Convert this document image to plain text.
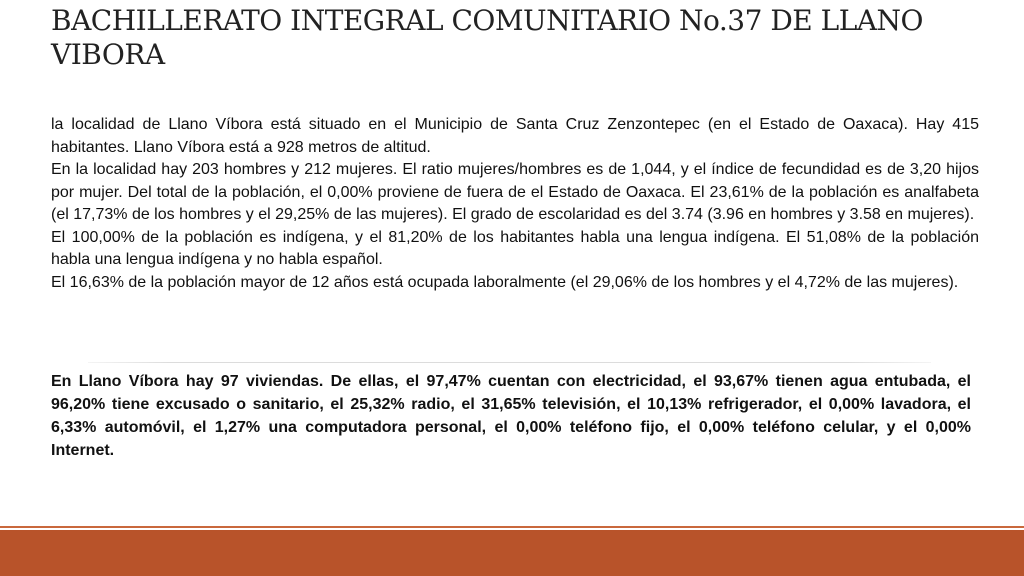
BACHILLERATO INTEGRAL COMUNITARIO No.37 DE LLANO VIBORA

la localidad de Llano Víbora está situado en el Municipio de Santa Cruz Zenzontepec (en el Estado de Oaxaca). Hay 415 habitantes. Llano Víbora está a 928 metros de altitud.

En la localidad hay 203 hombres y 212 mujeres. El ratio mujeres/hombres es de 1,044, y el índice de fecundidad es de 3,20 hijos por mujer. Del total de la población, el 0,00% proviene de fuera de el Estado de Oaxaca. El 23,61% de la población es analfabeta (el 17,73% de los hombres y el 29,25% de las mujeres). El grado de escolaridad es del 3.74 (3.96 en hombres y 3.58 en mujeres).

El 100,00% de la población es indígena, y el 81,20% de los habitantes habla una lengua indígena. El 51,08% de la población habla una lengua indígena y no habla español.

El 16,63% de la población mayor de 12 años está ocupada laboralmente (el 29,06% de los hombres y el 4,72% de las mujeres).

En Llano Víbora hay 97 viviendas. De ellas, el 97,47% cuentan con electricidad, el 93,67% tienen agua entubada, el 96,20% tiene excusado o sanitario, el 25,32% radio, el 31,65% televisión, el 10,13% refrigerador, el 0,00% lavadora, el 6,33% automóvil, el 1,27% una computadora personal, el 0,00% teléfono fijo, el 0,00% teléfono celular, y el 0,00% Internet.
